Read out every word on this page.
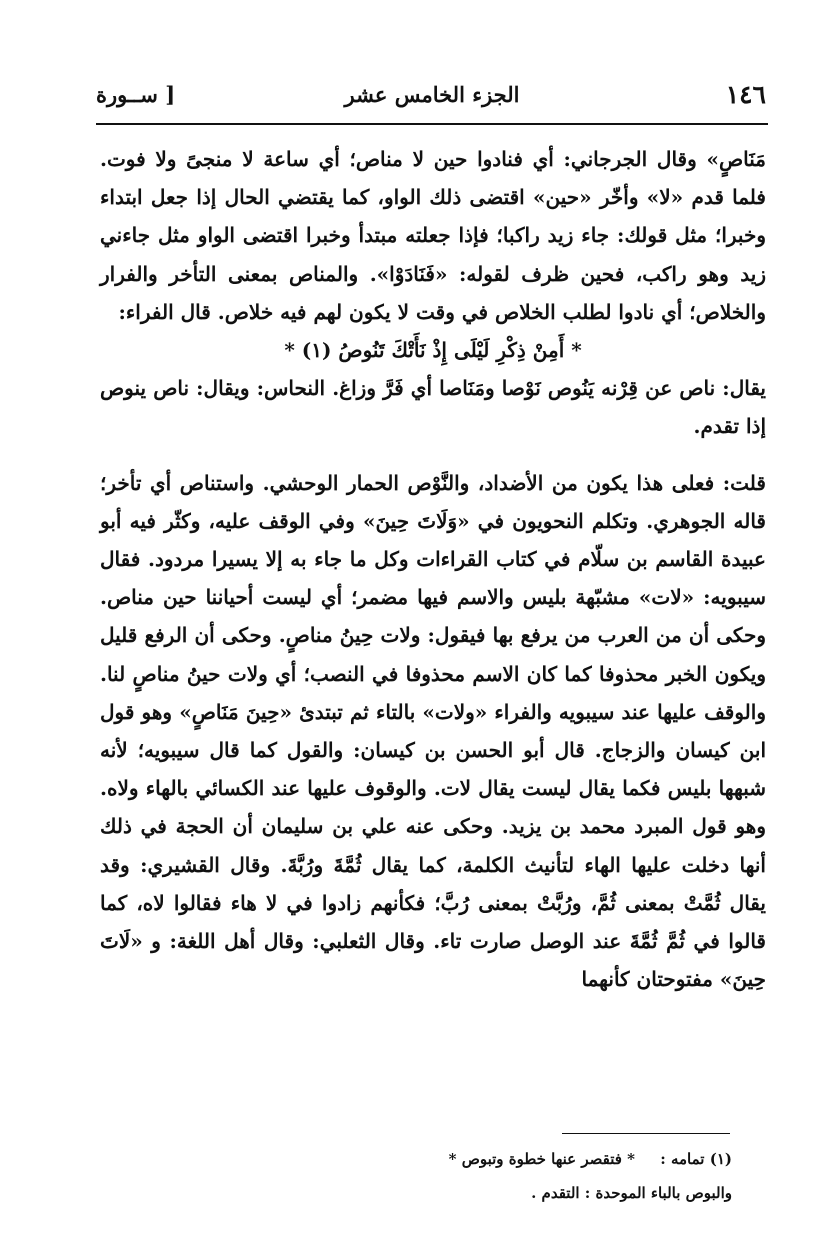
١٤٦
الجزء الخامس عشر
[ ســورة

مَنَاصٍ» وقال الجرجاني: أي فنادوا حين لا مناص؛ أي ساعة لا منجىً ولا فوت. فلما قدم «لا» وأخّر «حين» اقتضى ذلك الواو، كما يقتضي الحال إذا جعل ابتداء وخبرا؛ مثل قولك: جاء زيد راكبا؛ فإذا جعلته مبتدأ وخبرا اقتضى الواو مثل جاءني زيد وهو راكب، فحين ظرف لقوله: «فَنَادَوْا». والمناص بمعنى التأخر والفرار والخلاص؛ أي نادوا لطلب الخلاص في وقت لا يكون لهم فيه خلاص. قال الفراء:

* أَمِنْ ذِكْرِ لَيْلَى إِذْ نَأَتْكَ تَنُوصُ (١) *

يقال: ناص عن قِرْنه يَنُوص نَوْصا ومَنَاصا أي فَرَّ وزاغ. النحاس: ويقال: ناص ينوص إذا تقدم.

قلت: فعلى هذا يكون من الأضداد، والنَّوْص الحمار الوحشي. واستناص أي تأخر؛ قاله الجوهري. وتكلم النحويون في «وَلَاتَ حِينَ» وفي الوقف عليه، وكثّر فيه أبو عبيدة القاسم بن سلّام في كتاب القراءات وكل ما جاء به إلا يسيرا مردود. فقال سيبويه: «لات» مشبّهة بليس والاسم فيها مضمر؛ أي ليست أحياننا حين مناص. وحكى أن من العرب من يرفع بها فيقول: ولات حِينُ مناصٍ. وحكى أن الرفع قليل ويكون الخبر محذوفا كما كان الاسم محذوفا في النصب؛ أي ولات حينُ مناصٍ لنا. والوقف عليها عند سيبويه والفراء «ولات» بالتاء ثم تبتدئ «حِينَ مَنَاصٍ» وهو قول ابن كيسان والزجاج. قال أبو الحسن بن كيسان: والقول كما قال سيبويه؛ لأنه شبهها بليس فكما يقال ليست يقال لات. والوقوف عليها عند الكسائي بالهاء ولاه. وهو قول المبرد محمد بن يزيد. وحكى عنه علي بن سليمان أن الحجة في ذلك أنها دخلت عليها الهاء لتأنيث الكلمة، كما يقال ثُمَّةَ ورُبَّةَ. وقال القشيري: وقد يقال ثُمَّتْ بمعنى ثُمَّ، ورُبَّتْ بمعنى رُبَّ؛ فكأنهم زادوا في لا هاء فقالوا لاه، كما قالوا في ثُمَّ ثُمَّةَ عند الوصل صارت تاء. وقال الثعلبي: وقال أهل اللغة: و «لَاتَ حِينَ» مفتوحتان كأنهما

(١) تمامه : * فتقصر عنها خطوة وتبوص *

والبوص بالباء الموحدة : التقدم .
